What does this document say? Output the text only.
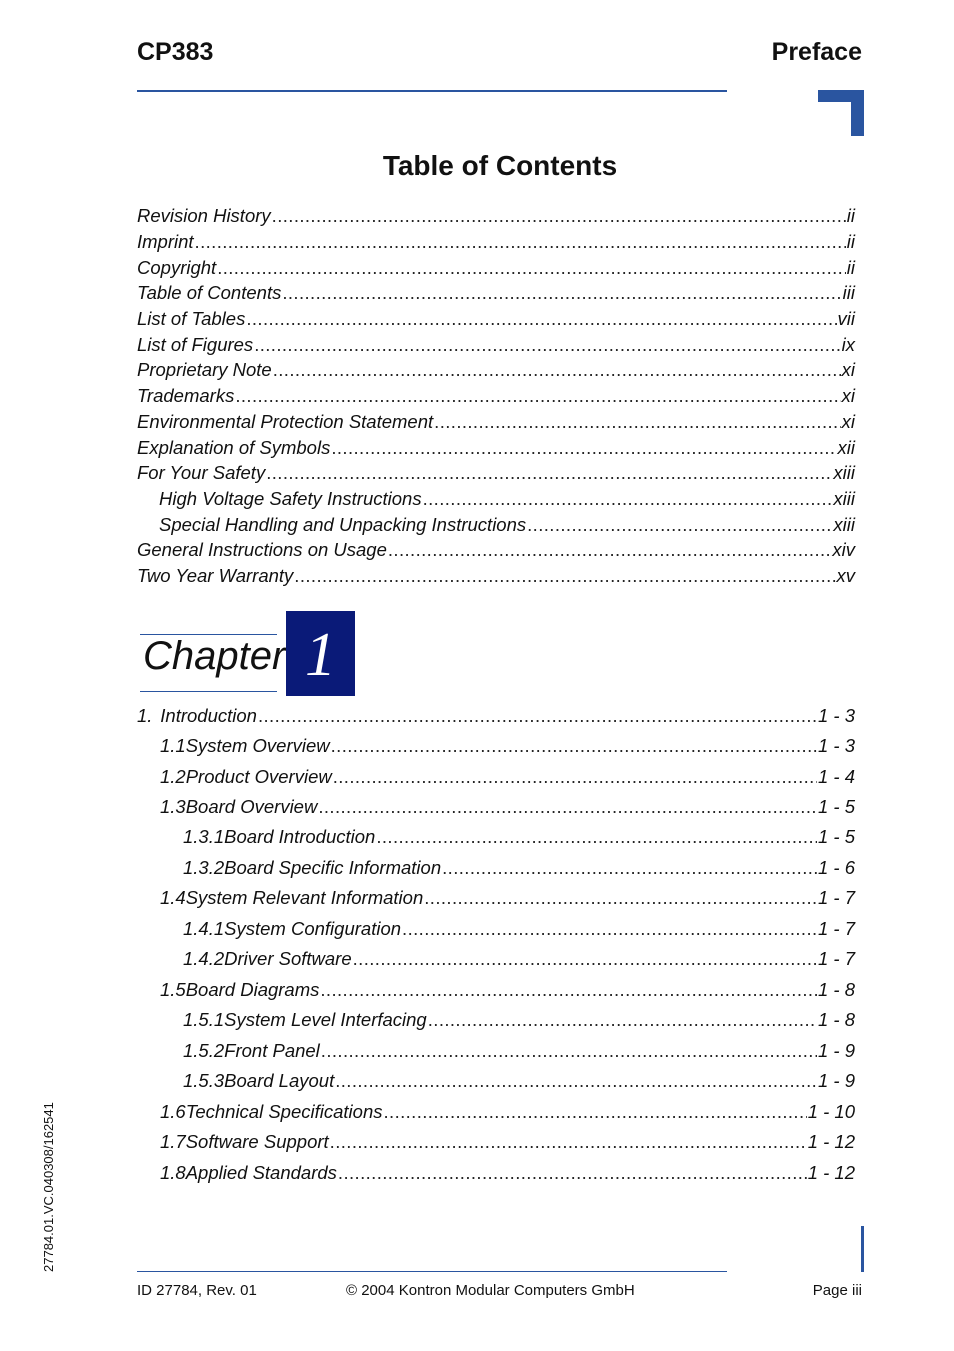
CP383	Preface
Table of Contents
Revision History .....	ii
Imprint .....	ii
Copyright .....	ii
Table of Contents .....	iii
List of Tables .....	vii
List of Figures .....	ix
Proprietary Note .....	xi
Trademarks .....	xi
Environmental Protection Statement .....	xi
Explanation of Symbols .....	xii
For Your Safety .....	xiii
High Voltage Safety Instructions .....	xiii
Special Handling and Unpacking Instructions .....	xiii
General Instructions on Usage .....	xiv
Two Year Warranty .....	xv
Chapter 1
1. Introduction .....	1 - 3
1.1 System Overview .....	1 - 3
1.2 Product Overview .....	1 - 4
1.3 Board Overview .....	1 - 5
1.3.1 Board Introduction .....	1 - 5
1.3.2 Board Specific Information .....	1 - 6
1.4 System Relevant Information .....	1 - 7
1.4.1 System Configuration .....	1 - 7
1.4.2 Driver Software .....	1 - 7
1.5 Board Diagrams .....	1 - 8
1.5.1 System Level Interfacing .....	1 - 8
1.5.2 Front Panel .....	1 - 9
1.5.3 Board Layout .....	1 - 9
1.6 Technical Specifications .....	1 - 10
1.7 Software Support .....	1 - 12
1.8 Applied Standards .....	1 - 12
27784.01.VC.040308/162541
ID 27784, Rev. 01	© 2004 Kontron Modular Computers GmbH	Page iii
